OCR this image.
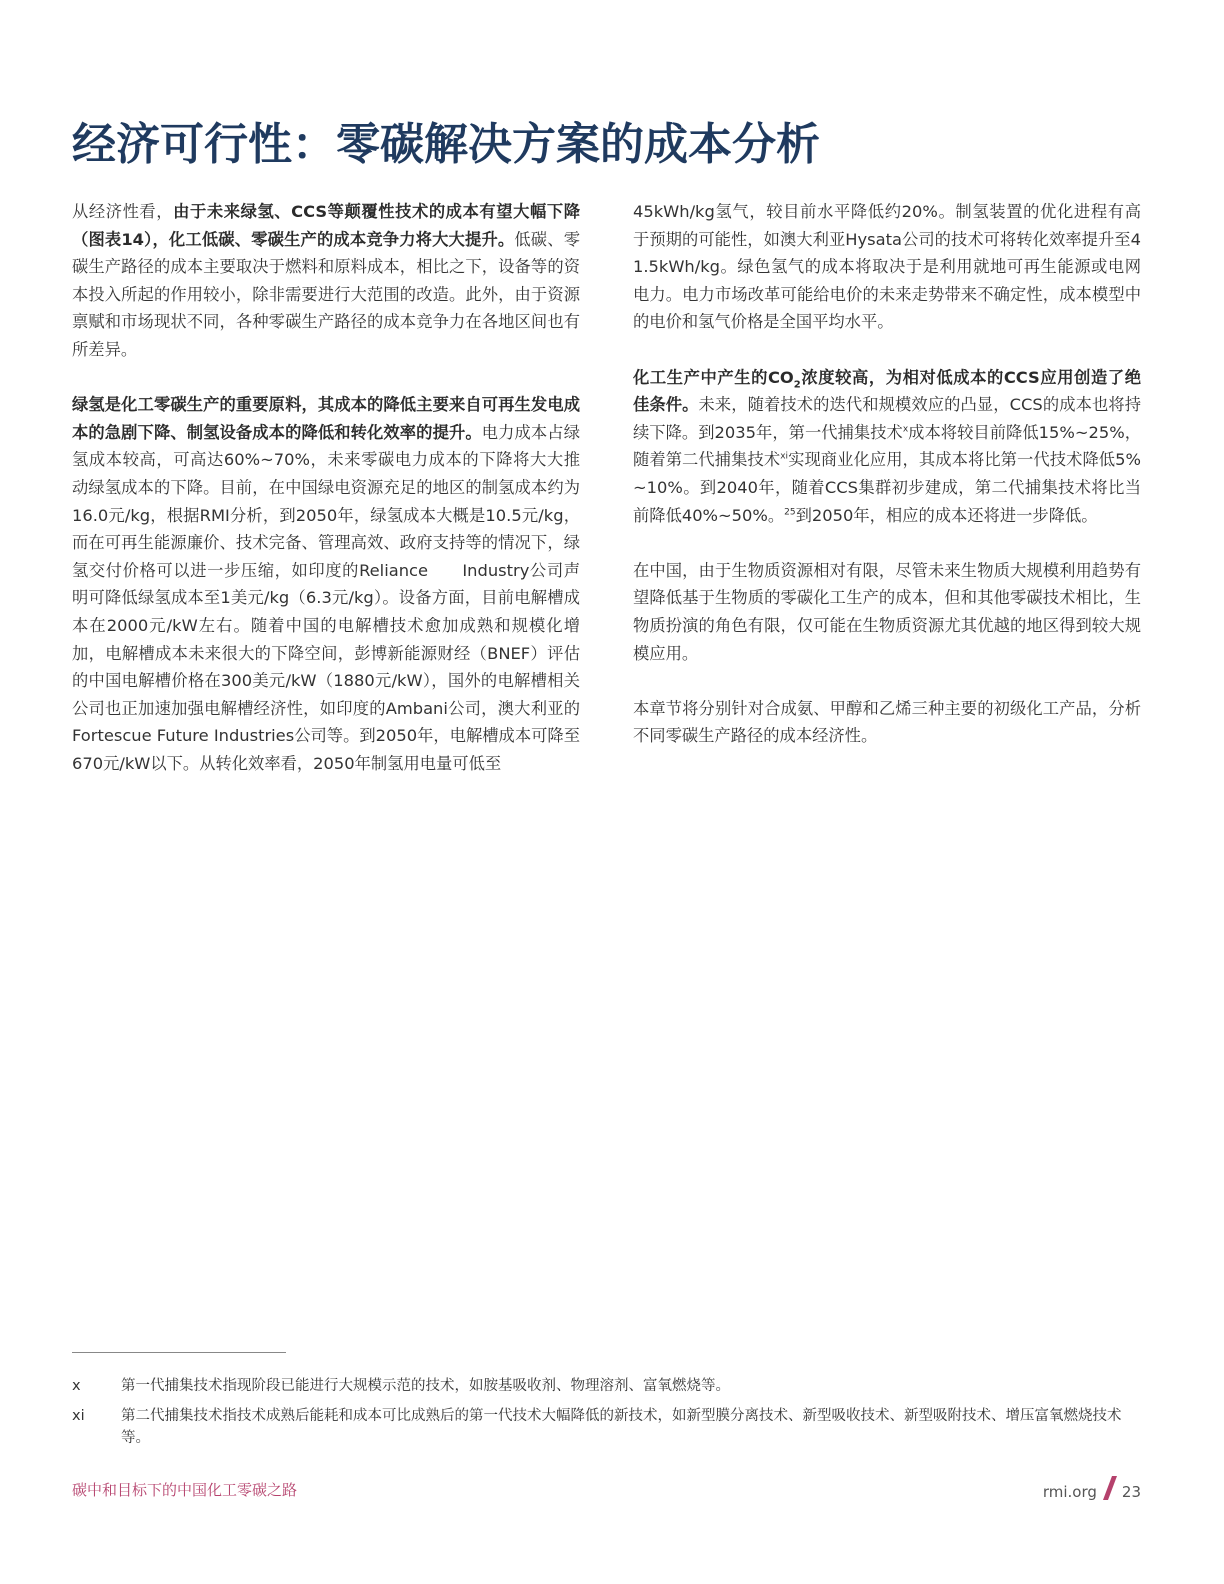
经济可行性：零碳解决方案的成本分析

从经济性看，由于未来绿氢、CCS等颠覆性技术的成本有望大幅下降（图表14），化工低碳、零碳生产的成本竞争力将大大提升。低碳、零碳生产路径的成本主要取决于燃料和原料成本，相比之下，设备等的资本投入所起的作用较小，除非需要进行大范围的改造。此外，由于资源禀赋和市场现状不同，各种零碳生产路径的成本竞争力在各地区间也有所差异。

绿氢是化工零碳生产的重要原料，其成本的降低主要来自可再生发电成本的急剧下降、制氢设备成本的降低和转化效率的提升。电力成本占绿氢成本较高，可高达60%~70%，未来零碳电力成本的下降将大大推动绿氢成本的下降。目前，在中国绿电资源充足的地区的制氢成本约为16.0元/kg，根据RMI分析，到2050年，绿氢成本大概是10.5元/kg，而在可再生能源廉价、技术完备、管理高效、政府支持等的情况下，绿氢交付价格可以进一步压缩，如印度的Reliance　　Industry公司声明可降低绿氢成本至1美元/kg（6.3元/kg）。设备方面，目前电解槽成本在2000元/kW左右。随着中国的电解槽技术愈加成熟和规模化增加，电解槽成本未来很大的下降空间，彭博新能源财经（BNEF）评估的中国电解槽价格在300美元/kW（1880元/kW），国外的电解槽相关公司也正加速加强电解槽经济性，如印度的Ambani公司，澳大利亚的Fortescue Future Industries公司等。到2050年，电解槽成本可降至670元/kW以下。从转化效率看，2050年制氢用电量可低至

45kWh/kg氢气，较目前水平降低约20%。制氢装置的优化进程有高于预期的可能性，如澳大利亚Hysata公司的技术可将转化效率提升至41.5kWh/kg。绿色氢气的成本将取决于是利用就地可再生能源或电网电力。电力市场改革可能给电价的未来走势带来不确定性，成本模型中的电价和氢气价格是全国平均水平。

化工生产中产生的$CO_2$浓度较高，为相对低成本的CCS应用创造了绝佳条件。未来，随着技术的迭代和规模效应的凸显，CCS的成本也将持续下降。到2035年，第一代捕集技术$^x$成本将较目前降低15%~25%，随着第二代捕集技术$^{xi}$实现商业化应用，其成本将比第一代技术降低5%~10%。到2040年，随着CCS集群初步建成，第二代捕集技术将比当前降低40%~50%。$^{25}$到2050年，相应的成本还将进一步降低。

在中国，由于生物质资源相对有限，尽管未来生物质大规模利用趋势有望降低基于生物质的零碳化工生产的成本，但和其他零碳技术相比，生物质扮演的角色有限，仅可能在生物质资源尤其优越的地区得到较大规模应用。

本章节将分别针对合成氨、甲醇和乙烯三种主要的初级化工产品，分析不同零碳生产路径的成本经济性。

x	第一代捕集技术指现阶段已能进行大规模示范的技术，如胺基吸收剂、物理溶剂、富氧燃烧等。
xi	第二代捕集技术指技术成熟后能耗和成本可比成熟后的第一代技术大幅降低的新技术，如新型膜分离技术、新型吸收技术、新型吸附技术、增压富氧燃烧技术等。
碳中和目标下的中国化工零碳之路	rmi.org 23
